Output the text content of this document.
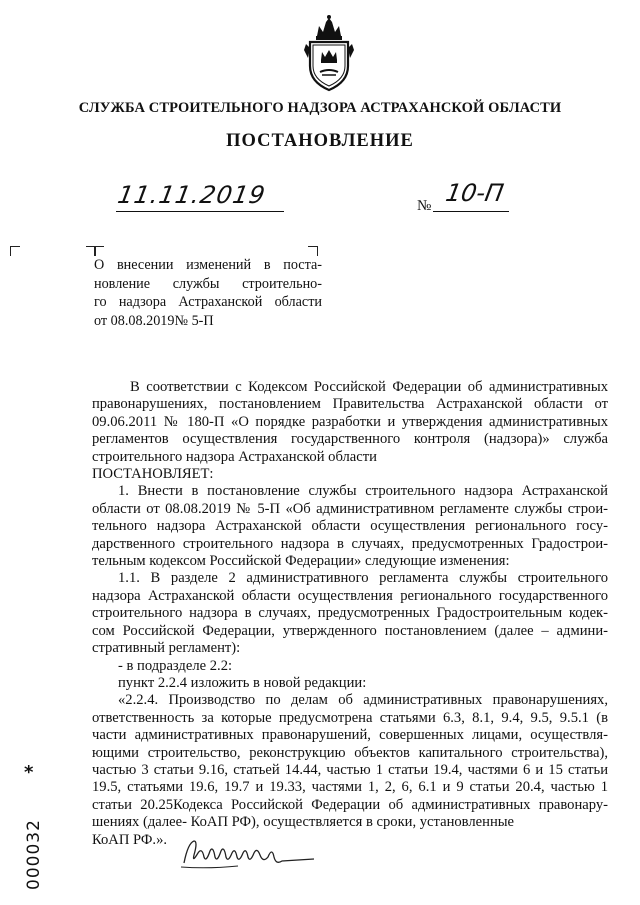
СЛУЖБА СТРОИТЕЛЬНОГО НАДЗОРА АСТРАХАНСКОЙ ОБЛАСТИ
ПОСТАНОВЛЕНИЕ
11.11.2019	№ 10-П
О внесении изменений в поста-
новление службы строительно-
го надзора Астраханской области
от 08.08.2019№ 5-П
В соответствии с Кодексом Российской Федерации об административных
правонарушениях, постановлением Правительства Астраханской области от
09.06.2011 № 180-П «О порядке разработки и утверждения административных
регламентов осуществления государственного контроля (надзора)» служба
строительного надзора Астраханской области
ПОСТАНОВЛЯЕТ:
1. Внести в постановление службы строительного надзора Астраханской
области от 08.08.2019 № 5-П «Об административном регламенте службы строи-
тельного надзора Астраханской области осуществления регионального госу-
дарственного строительного надзора в случаях, предусмотренных Градострои-
тельным кодексом Российской Федерации» следующие изменения:
1.1. В разделе 2 административного регламента службы строительного
надзора Астраханской области осуществления регионального государственного
строительного надзора в случаях, предусмотренных Градостроительным кодек-
сом Российской Федерации, утвержденного постановлением (далее – админи-
стративный регламент):
- в подразделе 2.2:
пункт 2.2.4 изложить в новой редакции:
«2.2.4. Производство по делам об административных правонарушениях,
ответственность за которые предусмотрена статьями 6.3, 8.1, 9.4, 9.5, 9.5.1 (в
части административных правонарушений, совершенных лицами, осуществля-
ющими строительство, реконструкцию объектов капитального строительства),
частью 3 статьи 9.16, статьей 14.44, частью 1 статьи 19.4, частями 6 и 15 статьи
19.5, статьями 19.6, 19.7 и 19.33, частями 1, 2, 6, 6.1 и 9 статьи 20.4, частью 1
статьи 20.25Кодекса Российской Федерации об административных правонару-
шениях (далее- КоАП РФ), осуществляется в сроки, установленные
КоАП РФ.».
*
000032
